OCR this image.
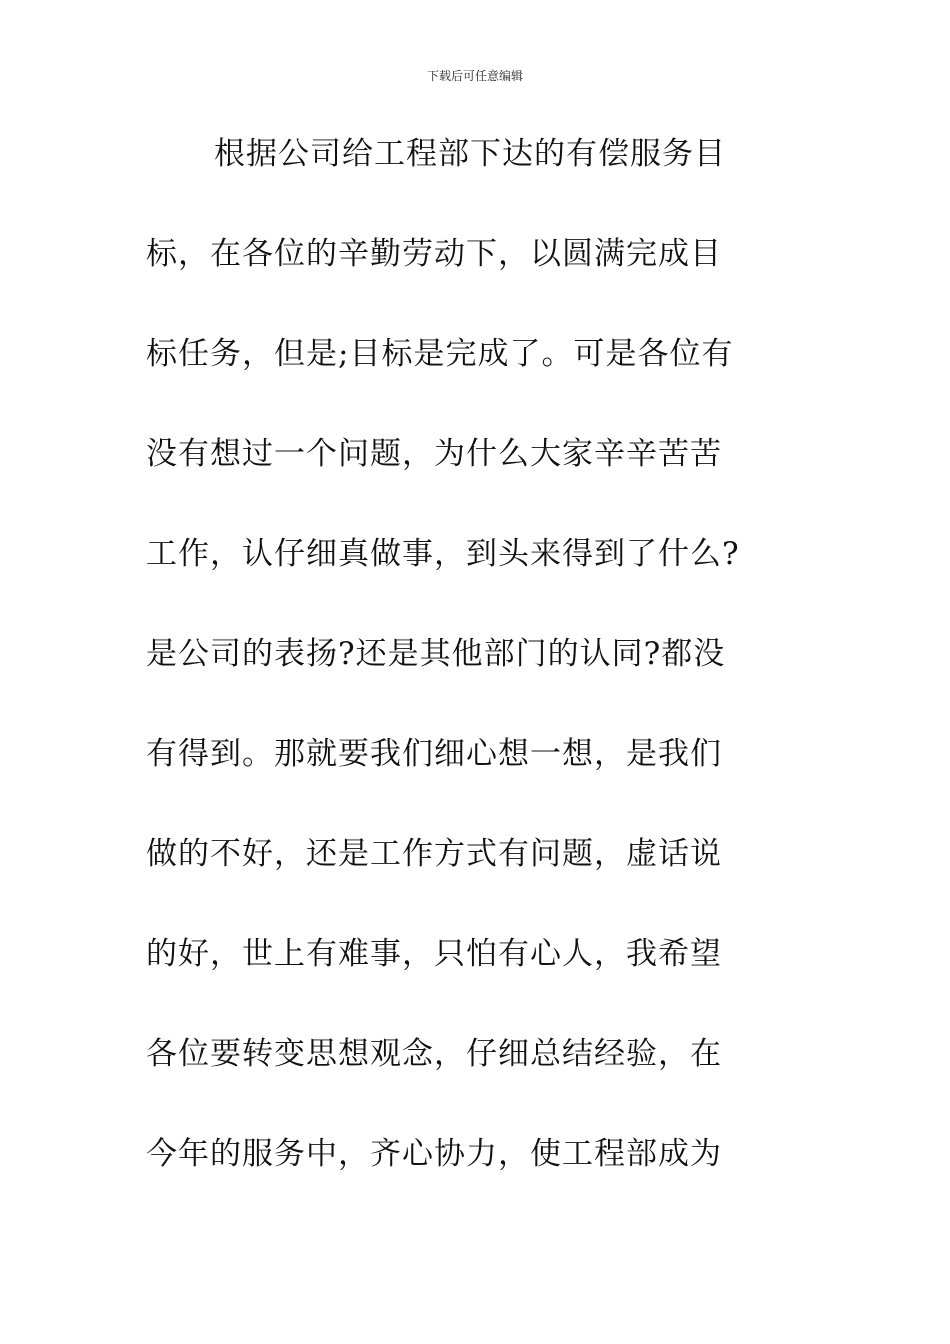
下载后可任意编辑
根据公司给工程部下达的有偿服务目
标，在各位的辛勤劳动下，以圆满完成目
标任务，但是;目标是完成了。可是各位有
没有想过一个问题，为什么大家辛辛苦苦
工作，认仔细真做事，到头来得到了什么?
是公司的表扬?还是其他部门的认同?都没
有得到。那就要我们细心想一想，是我们
做的不好，还是工作方式有问题，虚话说
的好，世上有难事，只怕有心人，我希望
各位要转变思想观念，仔细总结经验，在
今年的服务中，齐心协力，使工程部成为
